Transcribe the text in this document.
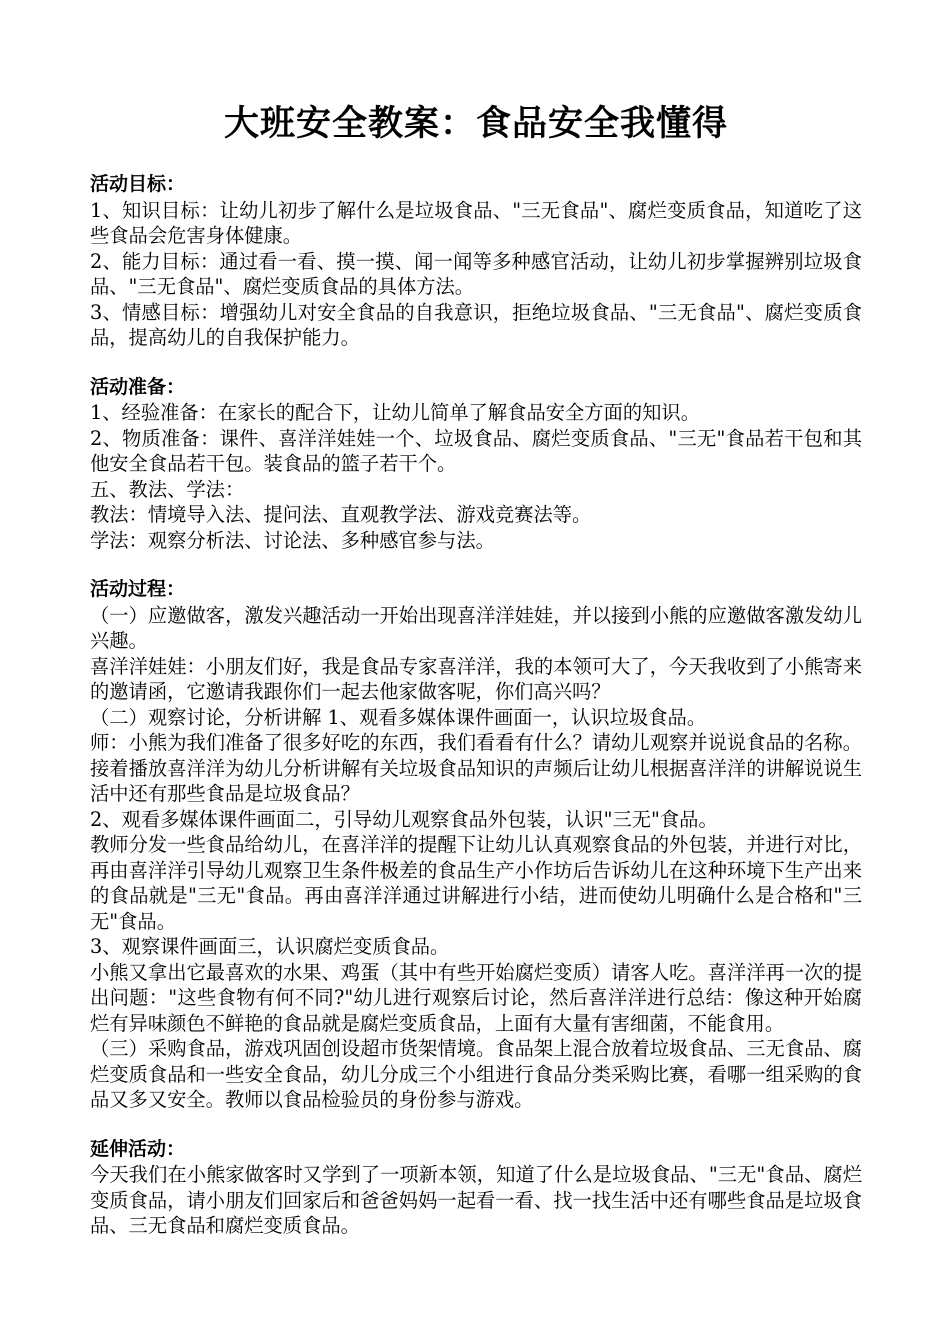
大班安全教案：食品安全我懂得
活动目标：
1、知识目标：让幼儿初步了解什么是垃圾食品、"三无食品"、腐烂变质食品，知道吃了这些食品会危害身体健康。
2、能力目标：通过看一看、摸一摸、闻一闻等多种感官活动，让幼儿初步掌握辨别垃圾食品、"三无食品"、腐烂变质食品的具体方法。
3、情感目标：增强幼儿对安全食品的自我意识，拒绝垃圾食品、"三无食品"、腐烂变质食品，提高幼儿的自我保护能力。
活动准备：
1、经验准备：在家长的配合下，让幼儿简单了解食品安全方面的知识。
2、物质准备：课件、喜洋洋娃娃一个、垃圾食品、腐烂变质食品、"三无"食品若干包和其他安全食品若干包。装食品的篮子若干个。
五、教法、学法：
教法：情境导入法、提问法、直观教学法、游戏竞赛法等。
学法：观察分析法、讨论法、多种感官参与法。
活动过程：
（一）应邀做客，激发兴趣活动一开始出现喜洋洋娃娃，并以接到小熊的应邀做客激发幼儿兴趣。
喜洋洋娃娃：小朋友们好，我是食品专家喜洋洋，我的本领可大了，今天我收到了小熊寄来的邀请函，它邀请我跟你们一起去他家做客呢，你们高兴吗？
（二）观察讨论，分析讲解 1、观看多媒体课件画面一，认识垃圾食品。
师：小熊为我们准备了很多好吃的东西，我们看看有什么？请幼儿观察并说说食品的名称。接着播放喜洋洋为幼儿分析讲解有关垃圾食品知识的声频后让幼儿根据喜洋洋的讲解说说生活中还有那些食品是垃圾食品？
2、观看多媒体课件画面二，引导幼儿观察食品外包装，认识"三无"食品。
教师分发一些食品给幼儿，在喜洋洋的提醒下让幼儿认真观察食品的外包装，并进行对比，再由喜洋洋引导幼儿观察卫生条件极差的食品生产小作坊后告诉幼儿在这种环境下生产出来的食品就是"三无"食品。再由喜洋洋通过讲解进行小结，进而使幼儿明确什么是合格和"三无"食品。
3、观察课件画面三，认识腐烂变质食品。
小熊又拿出它最喜欢的水果、鸡蛋（其中有些开始腐烂变质）请客人吃。喜洋洋再一次的提出问题："这些食物有何不同?"幼儿进行观察后讨论，然后喜洋洋进行总结：像这种开始腐烂有异味颜色不鲜艳的食品就是腐烂变质食品，上面有大量有害细菌，不能食用。
（三）采购食品，游戏巩固创设超市货架情境。食品架上混合放着垃圾食品、三无食品、腐烂变质食品和一些安全食品，幼儿分成三个小组进行食品分类采购比赛，看哪一组采购的食品又多又安全。教师以食品检验员的身份参与游戏。
延伸活动：
今天我们在小熊家做客时又学到了一项新本领，知道了什么是垃圾食品、"三无"食品、腐烂变质食品，请小朋友们回家后和爸爸妈妈一起看一看、找一找生活中还有哪些食品是垃圾食品、三无食品和腐烂变质食品。
